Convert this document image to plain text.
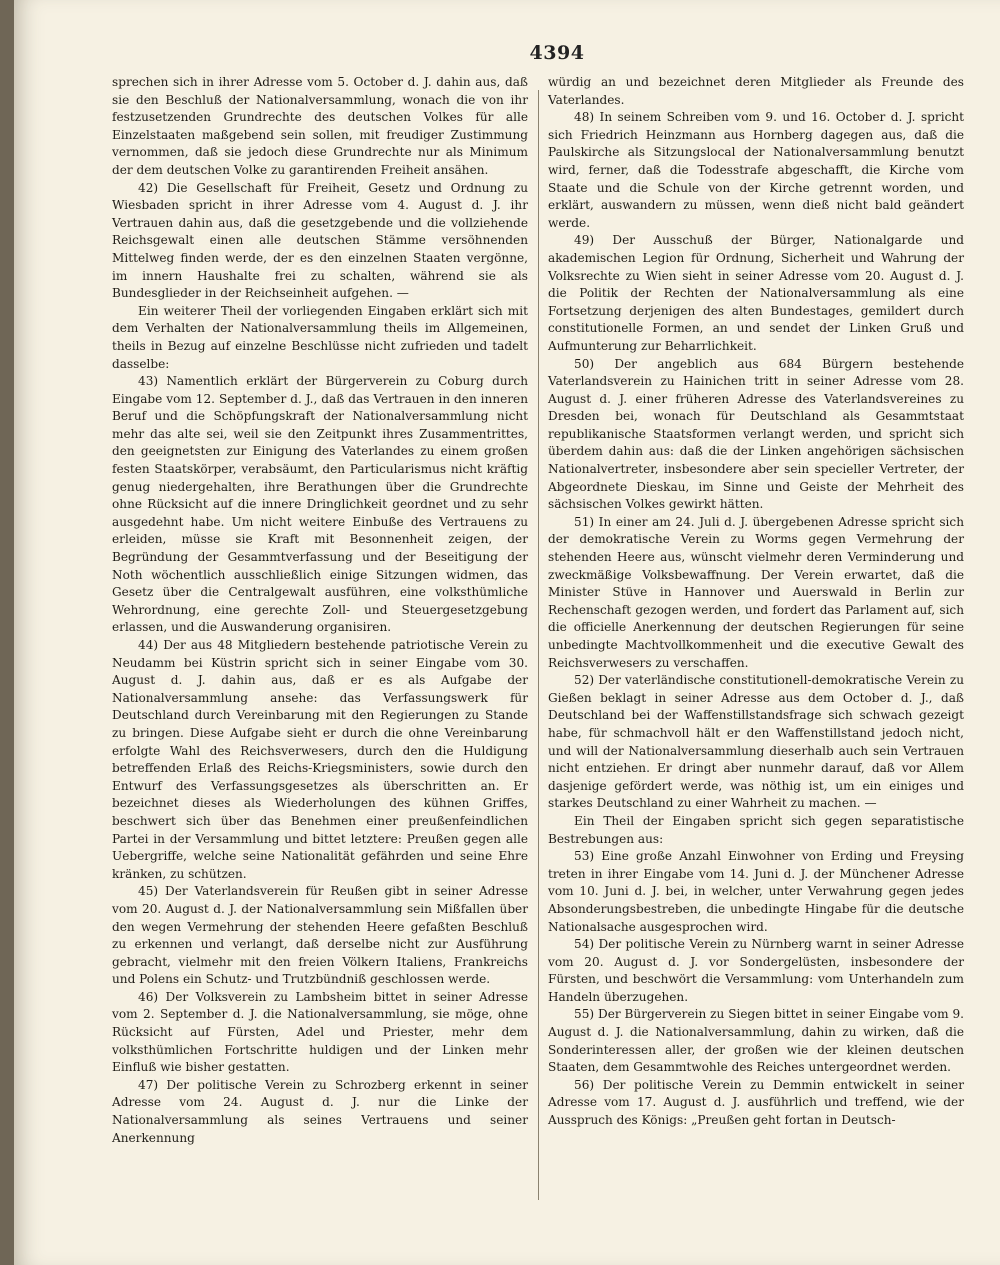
4394

sprechen sich in ihrer Adresse vom 5. October d. J. dahin aus, daß sie den Beschluß der Nationalversammlung, wonach die von ihr festzusetzenden Grundrechte des deutschen Volkes für alle Einzelstaaten maßgebend sein sollen, mit freudiger Zustimmung vernommen, daß sie jedoch diese Grundrechte nur als Minimum der dem deutschen Volke zu garantirenden Freiheit ansähen.

42) Die Gesellschaft für Freiheit, Gesetz und Ordnung zu Wiesbaden spricht in ihrer Adresse vom 4. August d. J. ihr Vertrauen dahin aus, daß die gesetzgebende und die vollziehende Reichsgewalt einen alle deutschen Stämme versöhnenden Mittelweg finden werde, der es den einzelnen Staaten vergönne, im innern Haushalte frei zu schalten, während sie als Bundesglieder in der Reichseinheit aufgehen. —

Ein weiterer Theil der vorliegenden Eingaben erklärt sich mit dem Verhalten der Nationalversammlung theils im Allgemeinen, theils in Bezug auf einzelne Beschlüsse nicht zufrieden und tadelt dasselbe:

43) Namentlich erklärt der Bürgerverein zu Coburg durch Eingabe vom 12. September d. J., daß das Vertrauen in den inneren Beruf und die Schöpfungskraft der Nationalversammlung nicht mehr das alte sei, weil sie den Zeitpunkt ihres Zusammentrittes, den geeignetsten zur Einigung des Vaterlandes zu einem großen festen Staatskörper, verabsäumt, den Particularismus nicht kräftig genug niedergehalten, ihre Berathungen über die Grundrechte ohne Rücksicht auf die innere Dringlichkeit geordnet und zu sehr ausgedehnt habe. Um nicht weitere Einbuße des Vertrauens zu erleiden, müsse sie Kraft mit Besonnenheit zeigen, der Begründung der Gesammtverfassung und der Beseitigung der Noth wöchentlich ausschließlich einige Sitzungen widmen, das Gesetz über die Centralgewalt ausführen, eine volksthümliche Wehrordnung, eine gerechte Zoll- und Steuergesetzgebung erlassen, und die Auswanderung organisiren.

44) Der aus 48 Mitgliedern bestehende patriotische Verein zu Neudamm bei Küstrin spricht sich in seiner Eingabe vom 30. August d. J. dahin aus, daß er es als Aufgabe der Nationalversammlung ansehe: das Verfassungswerk für Deutschland durch Vereinbarung mit den Regierungen zu Stande zu bringen. Diese Aufgabe sieht er durch die ohne Vereinbarung erfolgte Wahl des Reichsverwesers, durch den die Huldigung betreffenden Erlaß des Reichs-Kriegsministers, sowie durch den Entwurf des Verfassungsgesetzes als überschritten an. Er bezeichnet dieses als Wiederholungen des kühnen Griffes, beschwert sich über das Benehmen einer preußenfeindlichen Partei in der Versammlung und bittet letztere: Preußen gegen alle Uebergriffe, welche seine Nationalität gefährden und seine Ehre kränken, zu schützen.

45) Der Vaterlandsverein für Reußen gibt in seiner Adresse vom 20. August d. J. der Nationalversammlung sein Mißfallen über den wegen Vermehrung der stehenden Heere gefaßten Beschluß zu erkennen und verlangt, daß derselbe nicht zur Ausführung gebracht, vielmehr mit den freien Völkern Italiens, Frankreichs und Polens ein Schutz- und Trutzbündniß geschlossen werde.

46) Der Volksverein zu Lambsheim bittet in seiner Adresse vom 2. September d. J. die Nationalversammlung, sie möge, ohne Rücksicht auf Fürsten, Adel und Priester, mehr dem volksthümlichen Fortschritte huldigen und der Linken mehr Einfluß wie bisher gestatten.

47) Der politische Verein zu Schrozberg erkennt in seiner Adresse vom 24. August d. J. nur die Linke der Nationalversammlung als seines Vertrauens und seiner Anerkennung

würdig an und bezeichnet deren Mitglieder als Freunde des Vaterlandes.

48) In seinem Schreiben vom 9. und 16. October d. J. spricht sich Friedrich Heinzmann aus Hornberg dagegen aus, daß die Paulskirche als Sitzungslocal der Nationalversammlung benutzt wird, ferner, daß die Todesstrafe abgeschafft, die Kirche vom Staate und die Schule von der Kirche getrennt worden, und erklärt, auswandern zu müssen, wenn dieß nicht bald geändert werde.

49) Der Ausschuß der Bürger, Nationalgarde und akademischen Legion für Ordnung, Sicherheit und Wahrung der Volksrechte zu Wien sieht in seiner Adresse vom 20. August d. J. die Politik der Rechten der Nationalversammlung als eine Fortsetzung derjenigen des alten Bundestages, gemildert durch constitutionelle Formen, an und sendet der Linken Gruß und Aufmunterung zur Beharrlichkeit.

50) Der angeblich aus 684 Bürgern bestehende Vaterlandsverein zu Hainichen tritt in seiner Adresse vom 28. August d. J. einer früheren Adresse des Vaterlandsvereines zu Dresden bei, wonach für Deutschland als Gesammtstaat republikanische Staatsformen verlangt werden, und spricht sich überdem dahin aus: daß die der Linken angehörigen sächsischen Nationalvertreter, insbesondere aber sein specieller Vertreter, der Abgeordnete Dieskau, im Sinne und Geiste der Mehrheit des sächsischen Volkes gewirkt hätten.

51) In einer am 24. Juli d. J. übergebenen Adresse spricht sich der demokratische Verein zu Worms gegen Vermehrung der stehenden Heere aus, wünscht vielmehr deren Verminderung und zweckmäßige Volksbewaffnung. Der Verein erwartet, daß die Minister Stüve in Hannover und Auerswald in Berlin zur Rechenschaft gezogen werden, und fordert das Parlament auf, sich die officielle Anerkennung der deutschen Regierungen für seine unbedingte Machtvollkommenheit und die executive Gewalt des Reichsverwesers zu verschaffen.

52) Der vaterländische constitutionell-demokratische Verein zu Gießen beklagt in seiner Adresse aus dem October d. J., daß Deutschland bei der Waffenstillstandsfrage sich schwach gezeigt habe, für schmachvoll hält er den Waffenstillstand jedoch nicht, und will der Nationalversammlung dieserhalb auch sein Vertrauen nicht entziehen. Er dringt aber nunmehr darauf, daß vor Allem dasjenige gefördert werde, was nöthig ist, um ein einiges und starkes Deutschland zu einer Wahrheit zu machen. —

Ein Theil der Eingaben spricht sich gegen separatistische Bestrebungen aus:

53) Eine große Anzahl Einwohner von Erding und Freysing treten in ihrer Eingabe vom 14. Juni d. J. der Münchener Adresse vom 10. Juni d. J. bei, in welcher, unter Verwahrung gegen jedes Absonderungsbestreben, die unbedingte Hingabe für die deutsche Nationalsache ausgesprochen wird.

54) Der politische Verein zu Nürnberg warnt in seiner Adresse vom 20. August d. J. vor Sondergelüsten, insbesondere der Fürsten, und beschwört die Versammlung: vom Unterhandeln zum Handeln überzugehen.

55) Der Bürgerverein zu Siegen bittet in seiner Eingabe vom 9. August d. J. die Nationalversammlung, dahin zu wirken, daß die Sonderinteressen aller, der großen wie der kleinen deutschen Staaten, dem Gesammtwohle des Reiches untergeordnet werden.

56) Der politische Verein zu Demmin entwickelt in seiner Adresse vom 17. August d. J. ausführlich und treffend, wie der Ausspruch des Königs: „Preußen geht fortan in Deutsch-
